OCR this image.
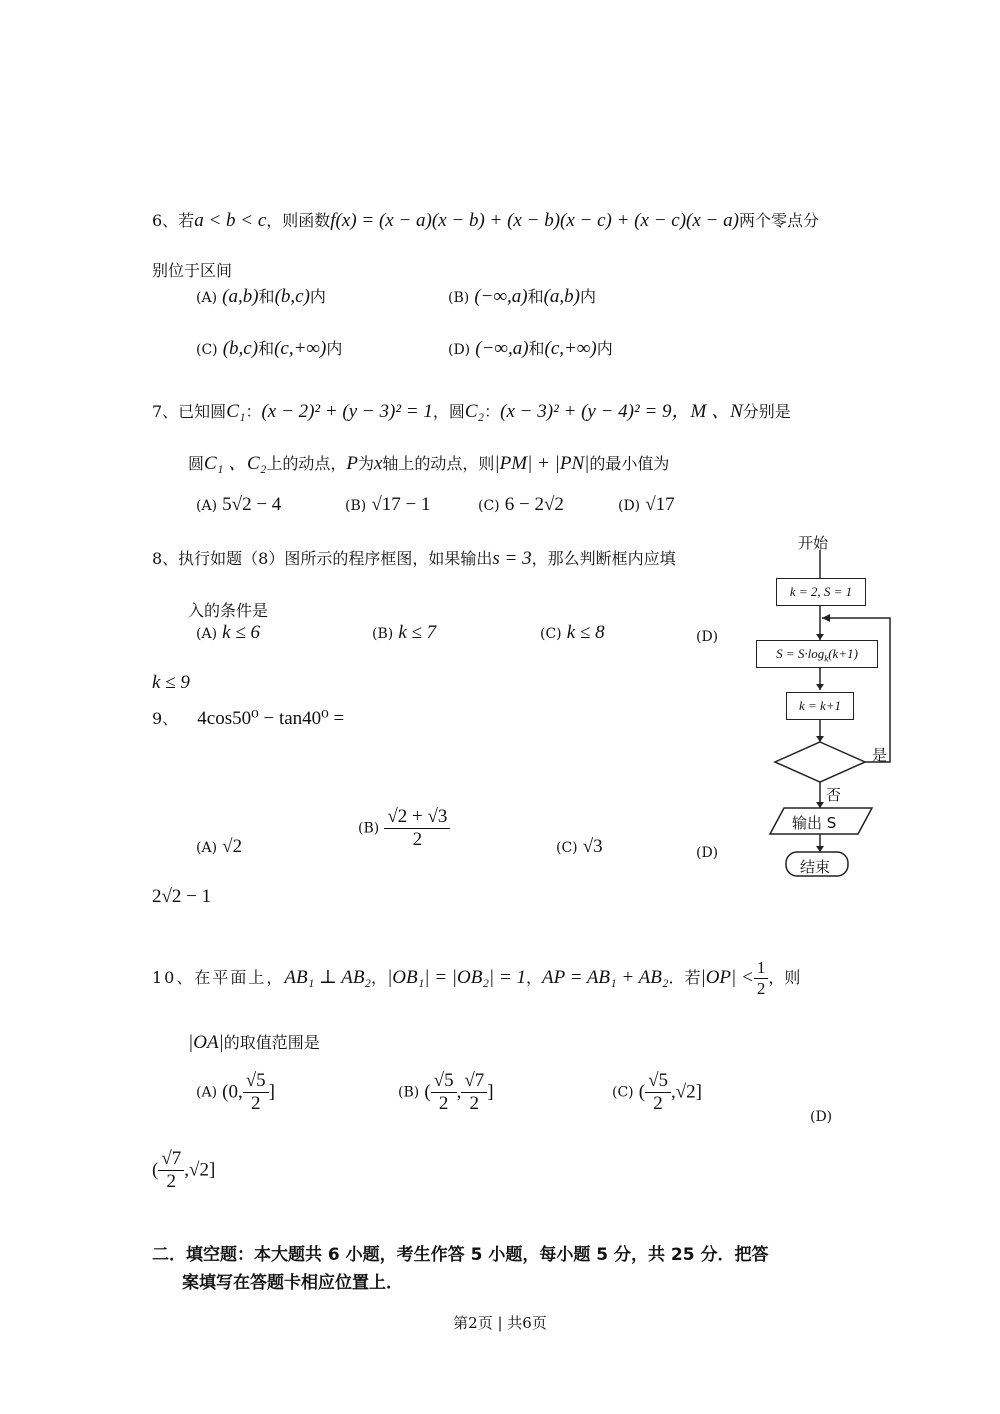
6、若a < b < c，则函数f(x) = (x − a)(x − b) + (x − b)(x − c) + (x − c)(x − a)两个零点分
别位于区间
(A) (a,b)和(b,c)内	(B) (−∞,a)和(a,b)内
(C) (b,c)和(c,+∞)内	(D) (−∞,a)和(c,+∞)内
7、已知圆C₁：(x − 2)² + (y − 3)² = 1，圆C₂：(x − 3)² + (y − 4)² = 9，M 、N分别是
圆C₁ 、C₂上的动点，P为x轴上的动点，则|PM| + |PN|的最小值为
(A) 5√2 − 4	(B) √17 − 1	(C) 6 − 2√2	(D) √17
8、执行如题（8）图所示的程序框图，如果输出s = 3，那么判断框内应填
入的条件是
(A) k ≤ 6	(B) k ≤ 7	(C) k ≤ 8	(D)
k ≤ 9
开始
k = 2, S = 1
$S = S\cdot\log_k(k+1)$
k = k+1
是
否
输出 S
结束
9、 4cos50⁰ − tan40⁰ =
(A) √2
$(B) \frac{√2 + √3}{2}$	(C) √3	(D)
2√2 − 1
10、在平面上，AB₁ ⊥ AB₂，|OB₁| = |OB₂| = 1，AP = AB₁ + AB₂．若$|OP| < \frac{1}{2}$ ，则
|OA|的取值范围是
(A) (0, $\frac{√5}{2}$ ]	(B) ( $\frac{√5}{2}$ , $\frac{√7}{2}$ ]	(C) ( $\frac{√5}{2} ,√2$]
(D)
( $\frac{√7}{2} ,√2$]
二．填空题：本大题共 6 小题，考生作答 5 小题，每小题 5 分，共 25 分．把答
案填写在答题卡相应位置上．
第2页 | 共6页
